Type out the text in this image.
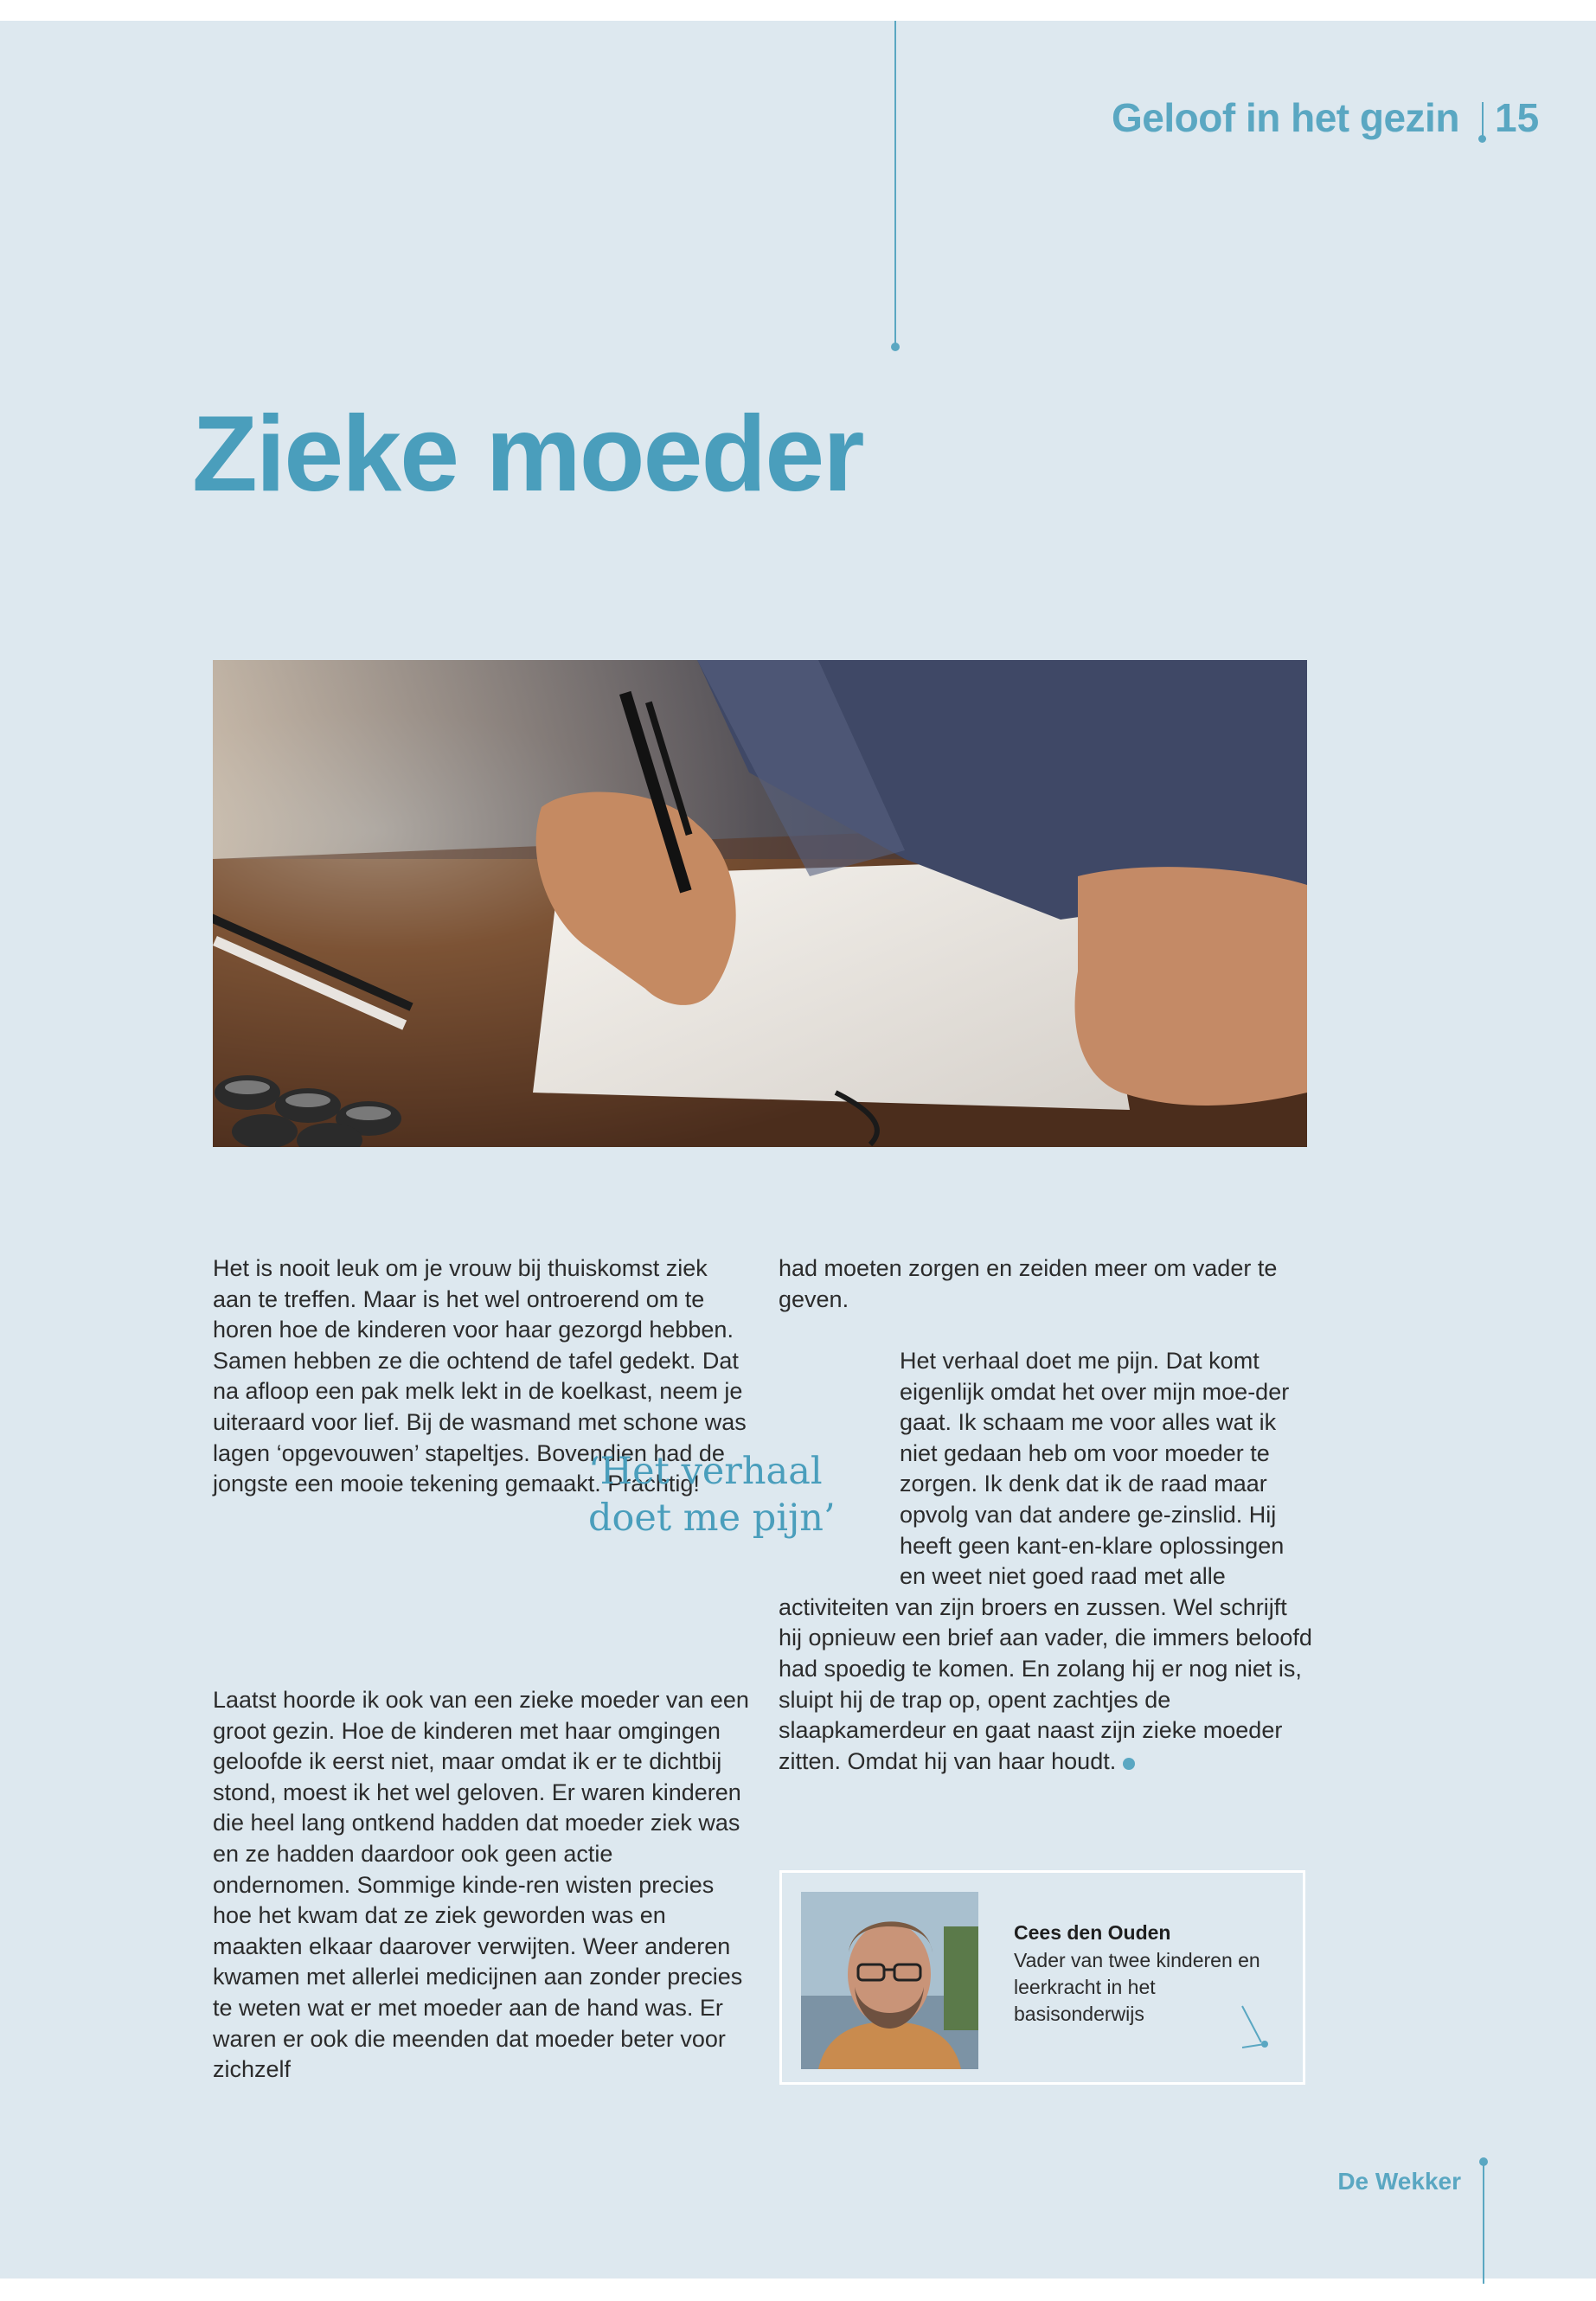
Geloof in het gezin 15
Zieke moeder

Het is nooit leuk om je vrouw bij thuiskomst ziek aan te treffen. Maar is het wel ontroerend om te horen hoe de kinderen voor haar gezorgd hebben. Samen hebben ze die ochtend de tafel gedekt. Dat na afloop een pak melk lekt in de koelkast, neem je uiteraard voor lief. Bij de wasmand met schone was lagen ‘opgevouwen’ stapeltjes. Bovendien had de jongste een mooie tekening gemaakt. Prachtig!

‘Het verhaal
doet me pijn’

Laatst hoorde ik ook van een zieke moeder van een groot gezin. Hoe de kinderen met haar omgingen geloofde ik eerst niet, maar omdat ik er te dichtbij stond, moest ik het wel geloven. Er waren kinderen die heel lang ontkend hadden dat moeder ziek was en ze hadden daardoor ook geen actie ondernomen. Sommige kinde-ren wisten precies hoe het kwam dat ze ziek geworden was en maakten elkaar daarover verwijten. Weer anderen kwamen met allerlei medicijnen aan zonder precies te weten wat er met moeder aan de hand was. Er waren er ook die meenden dat moeder beter voor zichzelf

had moeten zorgen en zeiden meer om vader te geven.

Het verhaal doet me pijn. Dat komt eigenlijk omdat het over mijn moe-der gaat. Ik schaam me voor alles wat ik niet gedaan heb om voor moeder te zorgen. Ik denk dat ik de raad maar opvolg van dat andere ge-zinslid. Hij heeft geen kant-en-klare oplossingen en weet niet goed raad met alle activiteiten van zijn broers en zussen. Wel schrijft hij opnieuw een brief aan vader, die immers beloofd had spoedig te komen. En zolang hij er nog niet is, sluipt hij de trap op, opent zachtjes de slaapkamerdeur en gaat naast zijn zieke moeder zitten. Omdat hij van haar houdt.

Cees den Ouden
Vader van twee kinderen en leerkracht in het basisonderwijs
De Wekker
